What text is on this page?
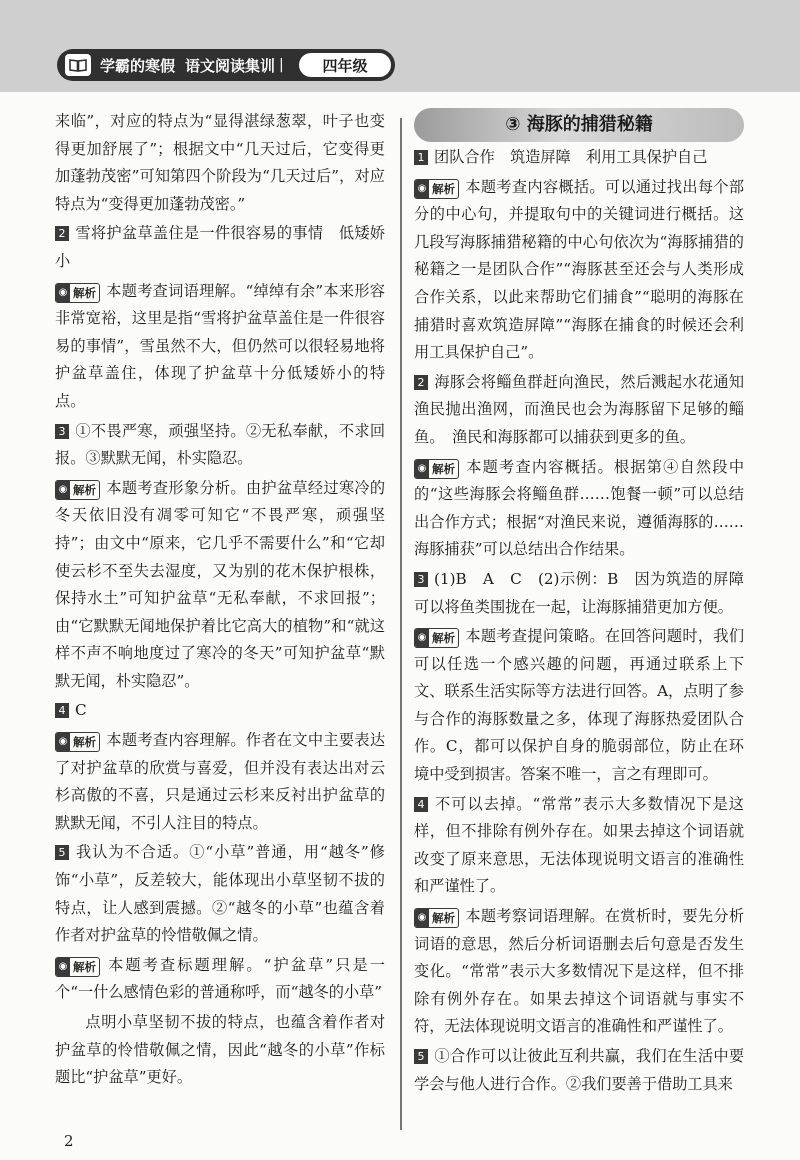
学霸的寒假 语文阅读集训 |	四年级

来临”，对应的特点为“显得湛绿葱翠，叶子也变得更加舒展了”；根据文中“几天过后，它变得更加蓬勃茂密”可知第四个阶段为“几天过后”，对应特点为“变得更加蓬勃茂密。”

2 雪将护盆草盖住是一件很容易的事情　低矮娇小

◉ 解析 本题考查词语理解。“绰绰有余”本来形容非常宽裕，这里是指“雪将护盆草盖住是一件很容易的事情”，雪虽然不大，但仍然可以很轻易地将护盆草盖住，体现了护盆草十分低矮娇小的特点。

3 ①不畏严寒，顽强坚持。②无私奉献，不求回报。③默默无闻，朴实隐忍。

◉ 解析 本题考查形象分析。由护盆草经过寒冷的冬天依旧没有凋零可知它“不畏严寒，顽强坚持”；由文中“原来，它几乎不需要什么”和“它却使云杉不至失去湿度，又为别的花木保护根株，保持水土”可知护盆草“无私奉献，不求回报”；由“它默默无闻地保护着比它高大的植物”和“就这样不声不响地度过了寒冷的冬天”可知护盆草“默默无闻，朴实隐忍”。

4 C

◉ 解析 本题考查内容理解。作者在文中主要表达了对护盆草的欣赏与喜爱，但并没有表达出对云杉高傲的不喜，只是通过云杉来反衬出护盆草的默默无闻，不引人注目的特点。

5 我认为不合适。①“小草”普通，用“越冬”修饰“小草”，反差较大，能体现出小草坚韧不拔的特点，让人感到震撼。②“越冬的小草”也蕴含着作者对护盆草的怜惜敬佩之情。

◉ 解析 本题考查标题理解。“护盆草”只是一个“一什么感情色彩的普通称呼，而“越冬的小草”

点明小草坚韧不拔的特点，也蕴含着作者对护盆草的怜惜敬佩之情，因此“越冬的小草”作标题比“护盆草”更好。

③ 海豚的捕猎秘籍

1 团队合作　筑造屏障　利用工具保护自己

◉ 解析 本题考查内容概括。可以通过找出每个部分的中心句，并提取句中的关键词进行概括。这几段写海豚捕猎秘籍的中心句依次为“海豚捕猎的秘籍之一是团队合作”“海豚甚至还会与人类形成合作关系，以此来帮助它们捕食”“聪明的海豚在捕猎时喜欢筑造屏障”“海豚在捕食的时候还会利用工具保护自己”。

2 海豚会将鲻鱼群赶向渔民，然后溅起水花通知渔民抛出渔网，而渔民也会为海豚留下足够的鲻鱼。　渔民和海豚都可以捕获到更多的鱼。

◉ 解析 本题考查内容概括。根据第④自然段中的“这些海豚会将鲻鱼群……饱餐一顿”可以总结出合作方式；根据“对渔民来说，遵循海豚的……海豚捕获”可以总结出合作结果。

3 (1)B　A　C　(2)示例：B　因为筑造的屏障可以将鱼类围拢在一起，让海豚捕猎更加方便。

◉ 解析 本题考查提问策略。在回答问题时，我们可以任选一个感兴趣的问题，再通过联系上下文、联系生活实际等方法进行回答。A，点明了参与合作的海豚数量之多，体现了海豚热爱团队合作。C，都可以保护自身的脆弱部位，防止在环境中受到损害。答案不唯一，言之有理即可。

4 不可以去掉。“常常”表示大多数情况下是这样，但不排除有例外存在。如果去掉这个词语就改变了原来意思，无法体现说明文语言的准确性和严谨性了。

◉ 解析 本题考察词语理解。在赏析时，要先分析词语的意思，然后分析词语删去后句意是否发生变化。“常常”表示大多数情况下是这样，但不排除有例外存在。如果去掉这个词语就与事实不符，无法体现说明文语言的准确性和严谨性了。

5 ①合作可以让彼此互利共赢，我们在生活中要学会与他人进行合作。②我们要善于借助工具来

2
